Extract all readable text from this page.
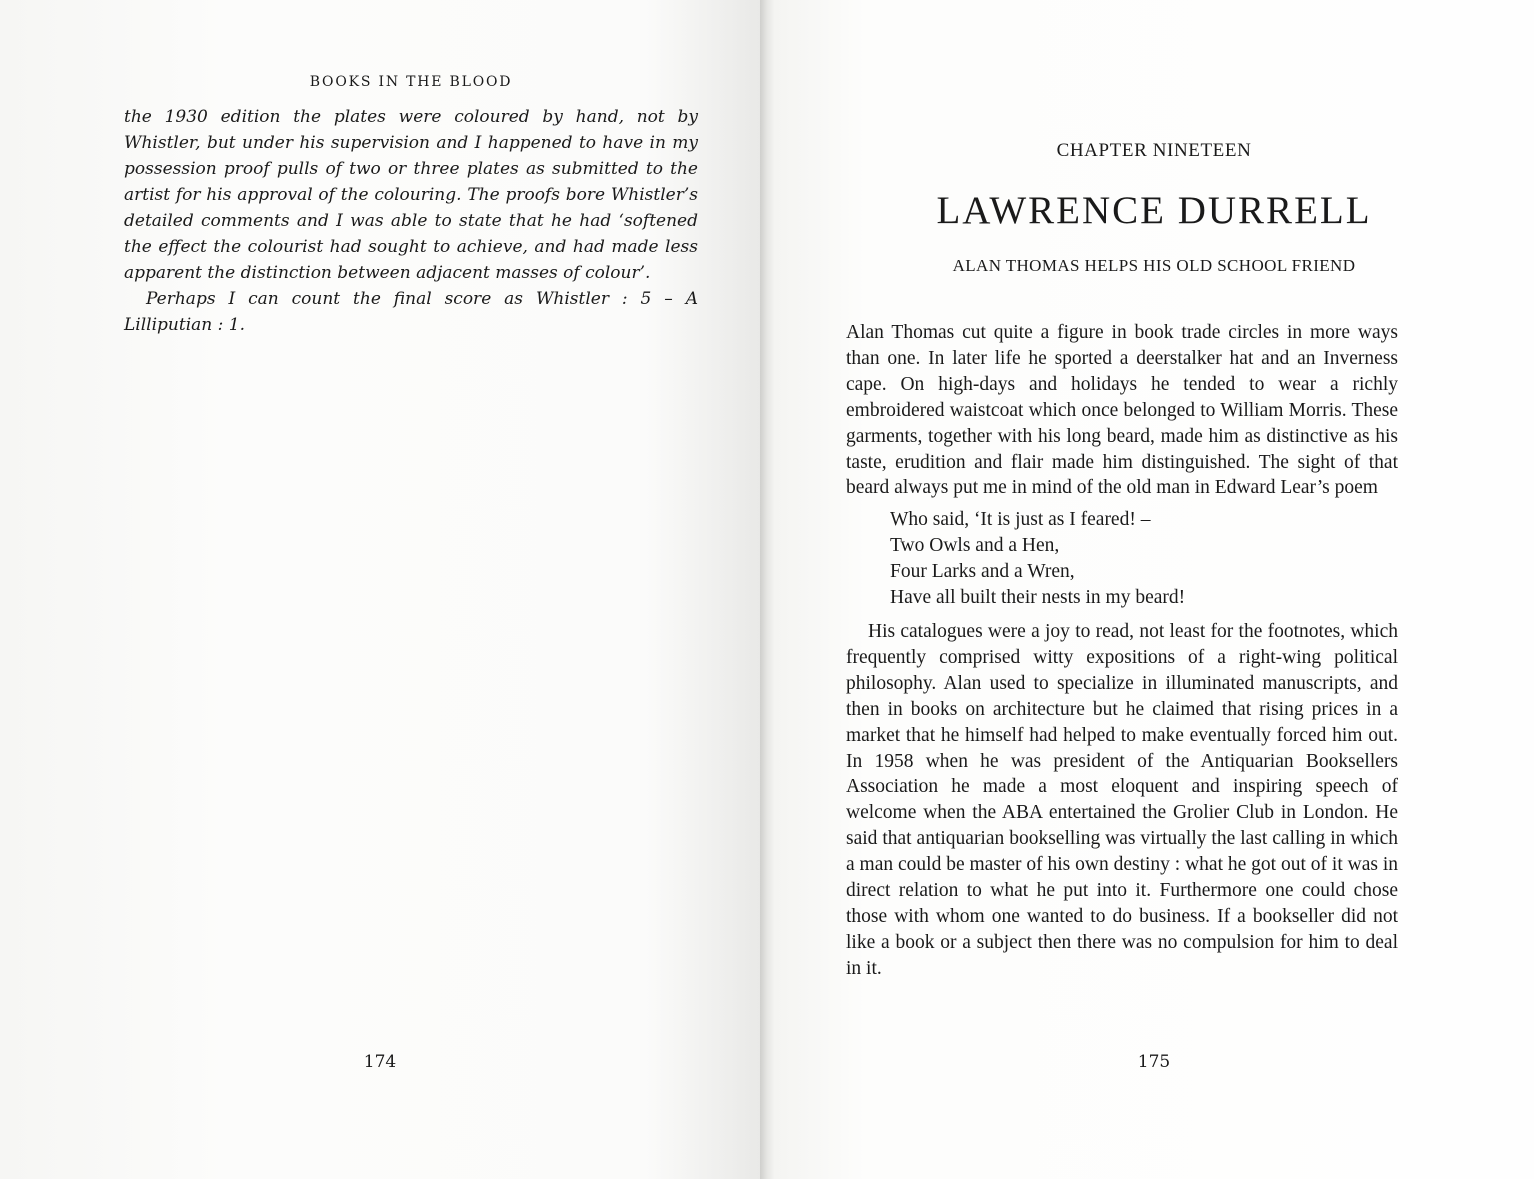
BOOKS IN THE BLOOD

the 1930 edition the plates were coloured by hand, not by Whistler, but under his supervision and I happened to have in my possession proof pulls of two or three plates as submitted to the artist for his approval of the colouring. The proofs bore Whistler’s detailed comments and I was able to state that he had ‘softened the effect the colourist had sought to achieve, and had made less apparent the distinction between adjacent masses of colour’.

Perhaps I can count the final score as Whistler : 5 – A Lilliputian : 1.

174
CHAPTER NINETEEN
LAWRENCE DURRELL
ALAN THOMAS HELPS HIS OLD SCHOOL FRIEND

Alan Thomas cut quite a figure in book trade circles in more ways than one. In later life he sported a deerstalker hat and an Inverness cape. On high-days and holidays he tended to wear a richly embroidered waistcoat which once belonged to William Morris. These garments, together with his long beard, made him as distinctive as his taste, erudition and flair made him distinguished. The sight of that beard always put me in mind of the old man in Edward Lear’s poem

Who said, ‘It is just as I feared! –
Two Owls and a Hen,
Four Larks and a Wren,
Have all built their nests in my beard!

His catalogues were a joy to read, not least for the footnotes, which frequently comprised witty expositions of a right-wing political philosophy. Alan used to specialize in illuminated manuscripts, and then in books on architecture but he claimed that rising prices in a market that he himself had helped to make eventually forced him out. In 1958 when he was president of the Antiquarian Booksellers Association he made a most eloquent and inspiring speech of welcome when the ABA entertained the Grolier Club in London. He said that antiquarian bookselling was virtually the last calling in which a man could be master of his own destiny : what he got out of it was in direct relation to what he put into it. Furthermore one could chose those with whom one wanted to do business. If a bookseller did not like a book or a subject then there was no compulsion for him to deal in it.

175
